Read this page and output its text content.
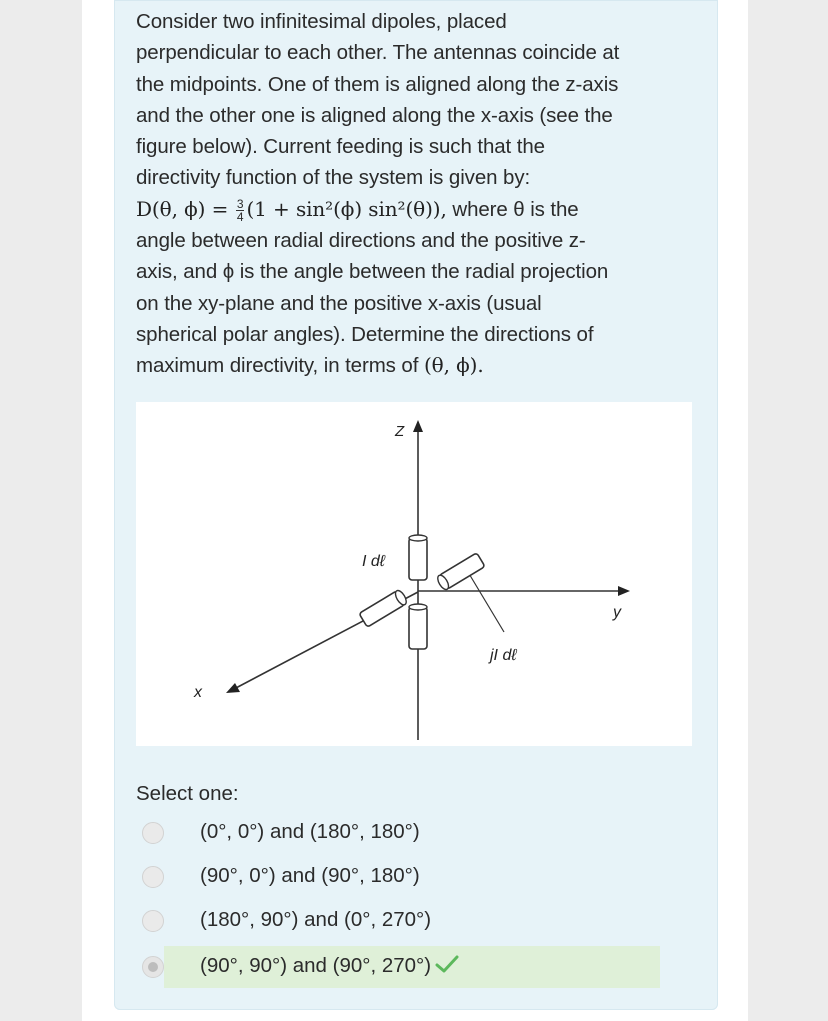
Consider two infinitesimal dipoles, placed
perpendicular to each other. The antennas coincide at
the midpoints. One of them is aligned along the z-axis
and the other one is aligned along the x-axis (see the
figure below). Current feeding is such that the
directivity function of the system is given by:
D(θ, $\phi) = \frac{3}{4} (1 + \sin^2(\phi)$ sin²(θ)), where θ is the
angle between radial directions and the positive z-
axis, and ϕ is the angle between the radial projection
on the xy-plane and the positive x-axis (usual
spherical polar angles). Determine the directions of
maximum directivity, in terms of (θ, ϕ).
Z
y
x
I dℓ
jI dℓ
Select one:
(0°, 0°) and (180°, 180°)
(90°, 0°) and (90°, 180°)
(180°, 90°) and (0°, 270°)
(90°, 90°) and (90°, 270°)
